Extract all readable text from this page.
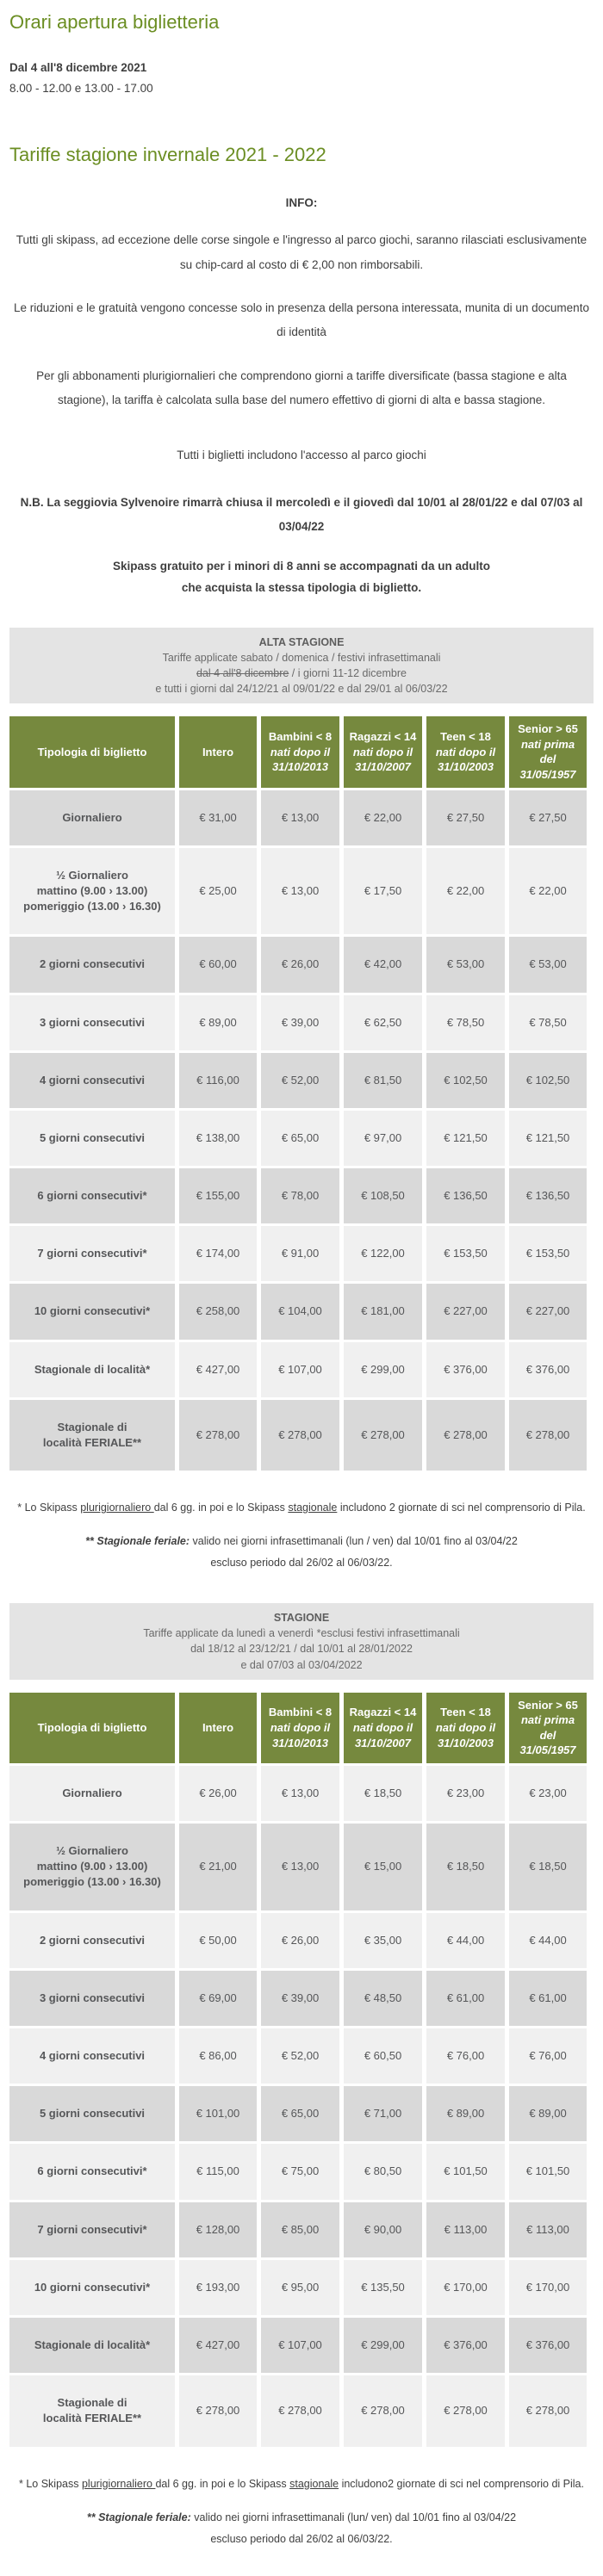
Orari apertura biglietteria
Dal 4 all'8 dicembre 2021
8.00 - 12.00 e 13.00 - 17.00
Tariffe stagione invernale 2021 - 2022
INFO:

Tutti gli skipass, ad eccezione delle corse singole e l'ingresso al parco giochi, saranno rilasciati esclusivamente su chip-card al costo di € 2,00 non rimborsabili.

Le riduzioni e le gratuità vengono concesse solo in presenza della persona interessata, munita di un documento di identità

Per gli abbonamenti plurigiornalieri che comprendono giorni a tariffe diversificate (bassa stagione e alta stagione), la tariffa è calcolata sulla base del numero effettivo di giorni di alta e bassa stagione.

Tutti i biglietti includono l'accesso al parco giochi

N.B. La seggiovia Sylvenoire rimarrà chiusa il mercoledì e il giovedì dal 10/01 al 28/01/22 e dal 07/03 al 03/04/22

Skipass gratuito per i minori di 8 anni se accompagnati da un adulto
che acquista la stessa tipologia di biglietto.

ALTA STAGIONE
Tariffe applicate sabato / domenica / festivi infrasettimanali
dal 4 all'8 dicembre / i giorni 11-12 dicembre
e tutti i giorni dal 24/12/21 al 09/01/22 e dal 29/01 al 06/03/22
Tipologia di biglietto	Intero	Bambini < 8
nati dopo il
31/10/2013	Ragazzi < 14
nati dopo il
31/10/2007	Teen < 18
nati dopo il
31/10/2003	Senior > 65
nati prima del
31/05/1957

Giornaliero	€ 31,00	€ 13,00	€ 22,00	€ 27,50	€ 27,50
½ Giornaliero
mattino (9.00 › 13.00)
pomeriggio (13.00 › 16.30)	€ 25,00	€ 13,00	€ 17,50	€ 22,00	€ 22,00
2 giorni consecutivi	€ 60,00	€ 26,00	€ 42,00	€ 53,00	€ 53,00
3 giorni consecutivi	€ 89,00	€ 39,00	€ 62,50	€ 78,50	€ 78,50
4 giorni consecutivi	€ 116,00	€ 52,00	€ 81,50	€ 102,50	€ 102,50
5 giorni consecutivi	€ 138,00	€ 65,00	€ 97,00	€ 121,50	€ 121,50
6 giorni consecutivi*	€ 155,00	€ 78,00	€ 108,50	€ 136,50	€ 136,50
7 giorni consecutivi*	€ 174,00	€ 91,00	€ 122,00	€ 153,50	€ 153,50
10 giorni consecutivi*	€ 258,00	€ 104,00	€ 181,00	€ 227,00	€ 227,00
Stagionale di località*	€ 427,00	€ 107,00	€ 299,00	€ 376,00	€ 376,00
Stagionale di
località FERIALE**	€ 278,00	€ 278,00	€ 278,00	€ 278,00	€ 278,00

* Lo Skipass plurigiornaliero dal 6 gg. in poi e lo Skipass stagionale includono 2 giornate di sci nel comprensorio di Pila.

** Stagionale feriale: valido nei giorni infrasettimanali (lun / ven) dal 10/01 fino al 03/04/22
escluso periodo dal 26/02 al 06/03/22.

STAGIONE
Tariffe applicate da lunedì a venerdì *esclusi festivi infrasettimanali
dal 18/12 al 23/12/21 / dal 10/01 al 28/01/2022
e dal 07/03 al 03/04/2022
Tipologia di biglietto	Intero	Bambini < 8
nati dopo il
31/10/2013	Ragazzi < 14
nati dopo il
31/10/2007	Teen < 18
nati dopo il
31/10/2003	Senior > 65
nati prima del
31/05/1957

Giornaliero	€ 26,00	€ 13,00	€ 18,50	€ 23,00	€ 23,00
½ Giornaliero
mattino (9.00 › 13.00)
pomeriggio (13.00 › 16.30)	€ 21,00	€ 13,00	€ 15,00	€ 18,50	€ 18,50
2 giorni consecutivi	€ 50,00	€ 26,00	€ 35,00	€ 44,00	€ 44,00
3 giorni consecutivi	€ 69,00	€ 39,00	€ 48,50	€ 61,00	€ 61,00
4 giorni consecutivi	€ 86,00	€ 52,00	€ 60,50	€ 76,00	€ 76,00
5 giorni consecutivi	€ 101,00	€ 65,00	€ 71,00	€ 89,00	€ 89,00
6 giorni consecutivi*	€ 115,00	€ 75,00	€ 80,50	€ 101,50	€ 101,50
7 giorni consecutivi*	€ 128,00	€ 85,00	€ 90,00	€ 113,00	€ 113,00
10 giorni consecutivi*	€ 193,00	€ 95,00	€ 135,50	€ 170,00	€ 170,00
Stagionale di località*	€ 427,00	€ 107,00	€ 299,00	€ 376,00	€ 376,00
Stagionale di
località FERIALE**	€ 278,00	€ 278,00	€ 278,00	€ 278,00	€ 278,00

* Lo Skipass plurigiornaliero dal 6 gg. in poi e lo Skipass stagionale includono2 giornate di sci nel comprensorio di Pila.

** Stagionale feriale: valido nei giorni infrasettimanali (lun/ ven) dal 10/01 fino al 03/04/22
escluso periodo dal 26/02 al 06/03/22.
